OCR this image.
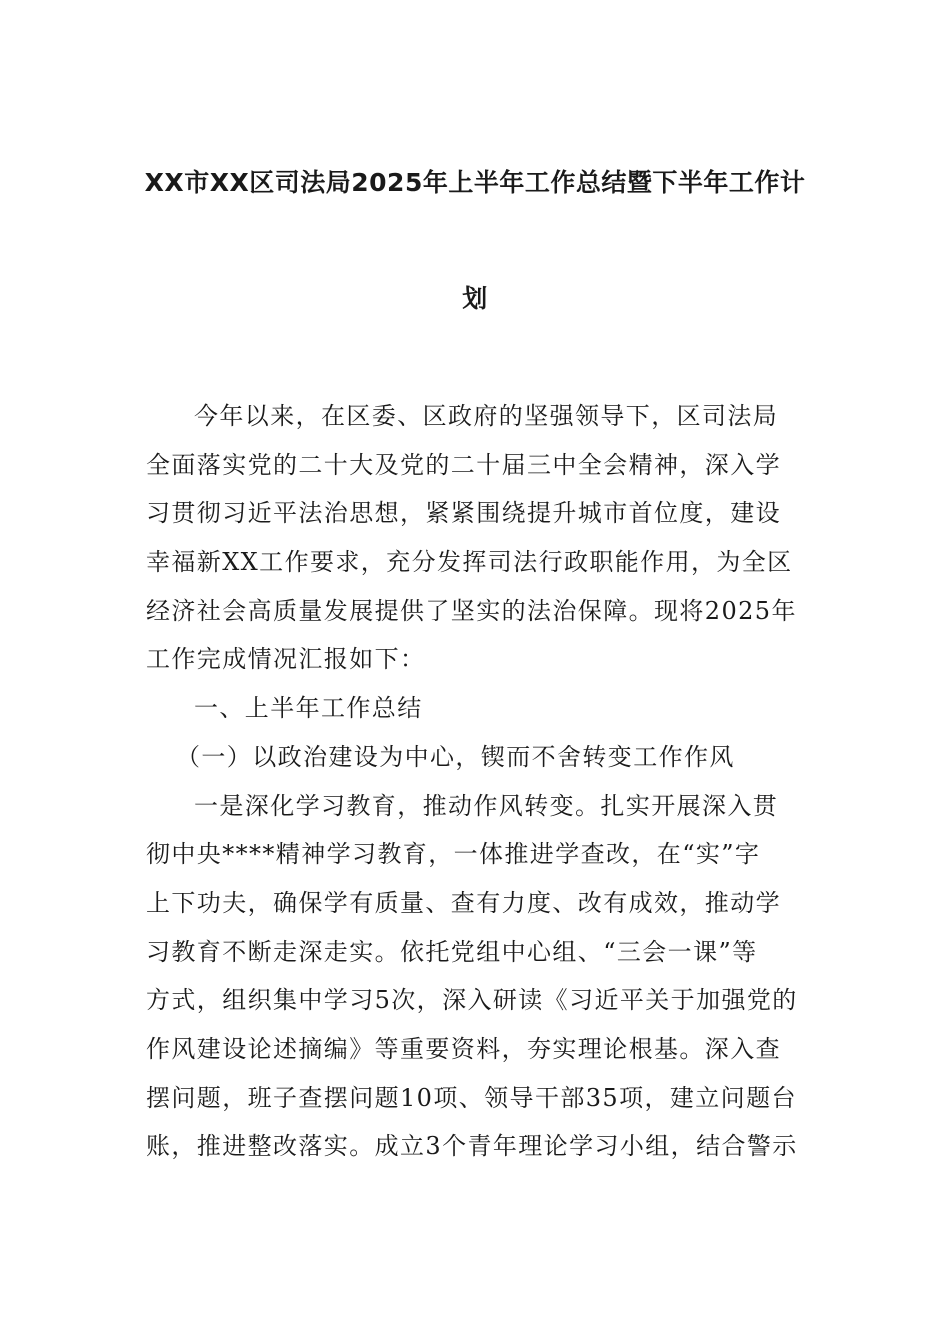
XX市XX区司法局2025年上半年工作总结暨下半年工作计
划
今年以来，在区委、区政府的坚强领导下，区司法局
全面落实党的二十大及党的二十届三中全会精神，深入学
习贯彻习近平法治思想，紧紧围绕提升城市首位度，建设
幸福新XX工作要求，充分发挥司法行政职能作用，为全区
经济社会高质量发展提供了坚实的法治保障。现将2025年
工作完成情况汇报如下：
一、上半年工作总结
（一）以政治建设为中心，锲而不舍转变工作作风
一是深化学习教育，推动作风转变。扎实开展深入贯
彻中央****精神学习教育，一体推进学查改，在“实”字
上下功夫，确保学有质量、查有力度、改有成效，推动学
习教育不断走深走实。依托党组中心组、“三会一课”等
方式，组织集中学习5次，深入研读《习近平关于加强党的
作风建设论述摘编》等重要资料，夯实理论根基。深入查
摆问题，班子查摆问题10项、领导干部35项，建立问题台
账，推进整改落实。成立3个青年理论学习小组，结合警示
